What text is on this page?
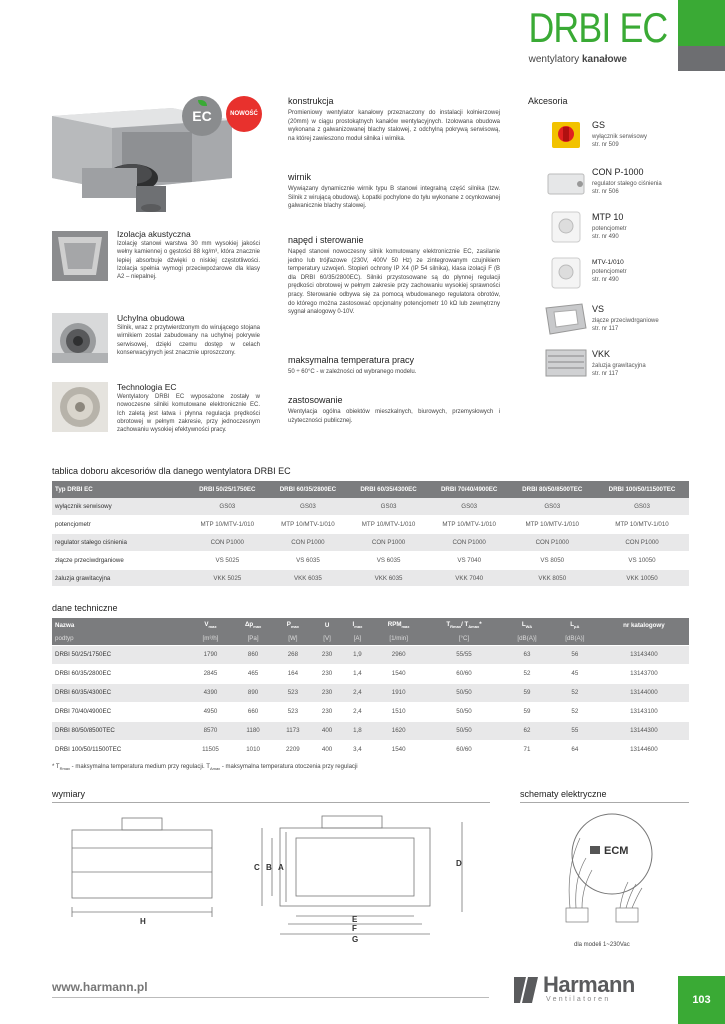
DRBI EC
wentylatory kanałowe
EC	NOWOŚĆ
Izolacja akustyczna
Izolację stanowi warstwa 30 mm wysokiej jakości wełny kamiennej o gęstości 88 kg/m³, która znacznie lepiej absorbuje dźwięki o niskiej częstotliwości. Izolacja spełnia wymogi przeciwpożarowe dla klasy A2 – niepalnej.
Uchylna obudowa
Silnik, wraz z przytwierdzonym do wirującego stojana wirnikiem został zabudowany na uchylnej pokrywie serwisowej, dzięki czemu dostęp w celach konserwacyjnych jest znacznie uproszczony.
Technologia EC
Wentylatory DRBI EC wyposażone zostały w nowoczesne silniki komutowane elektronicznie EC. Ich zaletą jest łatwa i płynna regulacja prędkości obrotowej w pełnym zakresie, przy jednoczesnym zachowaniu wysokiej efektywności pracy.
konstrukcja
Promieniowy wentylator kanałowy przeznaczony do instalacji kołnierzowej (20mm) w ciągu prostokątnych kanałów wentylacyjnych. Izolowana obudowa wykonana z galwanizowanej blachy stalowej, z odchylną pokrywą serwisową, na której zawieszono moduł silnika i wirnika.
wirnik
Wywiązany dynamicznie wirnik typu B stanowi integralną część silnika (tzw. Silnik z wirującą obudową). Łopatki pochylone do tyłu wykonane z ocynkowanej galwanicznie blachy stalowej.
napęd i sterowanie
Napęd stanowi nowoczesny silnik komutowany elektronicznie EC, zasilanie jedno lub trójfazowe (230V, 400V 50 Hz) ze zintegrowanym czujnikiem temperatury uzwojeń. Stopień ochrony IP X4 (IP 54 silnika), klasa izolacji F (B dla DRBI 60/35/2800EC). Silniki przystosowane są do płynnej regulacji prędkości obrotowej w pełnym zakresie przy zachowaniu wysokiej sprawności pracy. Sterowanie odbywa się za pomocą wbudowanego regulatora obrotów, do którego można zastosować opcjonalny potencjometr 10 kΩ lub zewnętrzny sygnał analogowy 0-10V.
maksymalna temperatura pracy
50 ÷ 60°C - w zależności od wybranego modelu.
zastosowanie
Wentylacja ogólna obiektów mieszkalnych, biurowych, przemysłowych i użyteczności publicznej.
Akcesoria
GS
wyłącznik serwisowy
str. nr 509
CON P-1000
regulator stałego ciśnienia
str. nr 506
MTP 10
potencjometr
str. nr 490
MTV-1/010
potencjometr
str. nr 490
VS
złącze przeciwdrganiowe
str. nr 117
VKK
żaluzja grawitacyjna
str. nr 117
tablica doboru akcesoriów dla danego wentylatora DRBI EC
Typ DRBI EC	DRBI 50/25/1750EC	DRBI 60/35/2800EC	DRBI 60/35/4300EC	DRBI 70/40/4900EC	DRBI 80/50/8500TEC	DRBI 100/50/11500TEC
wyłącznik serwisowy	GS03	GS03	GS03	GS03	GS03	GS03
potencjometr	MTP 10/MTV-1/010	MTP 10/MTV-1/010	MTP 10/MTV-1/010	MTP 10/MTV-1/010	MTP 10/MTV-1/010	MTP 10/MTV-1/010
regulator stałego ciśnienia	CON P1000	CON P1000	CON P1000	CON P1000	CON P1000	CON P1000
złącze przeciwdrganiowe	VS 5025	VS 6035	VS 6035	VS 7040	VS 8050	VS 10050
żaluzja grawitacyjna	VKK 5025	VKK 6035	VKK 6035	VKK 7040	VKK 8050	VKK 10050
dane techniczne
Nazwa	$V_{max}$	$\Delta p_{max}$	$P_{max}$	U	$I_{max}$	$RPM_{max}$	$T_{Rmax}/$ $T_{Amax}*$	$L_{WA}$	$L_{pA}$	nr katalogowy
podtyp	[m³/h]	[Pa]	[W]	[V]	[A]	[1/min]	[°C]	[dB(A)]	[dB(A)]	
DRBI 50/25/1750EC	1790	860	268	230	1,9	2960	55/55	63	56	13143400
DRBI 60/35/2800EC	2845	465	164	230	1,4	1540	60/60	52	45	13143700
DRBI 60/35/4300EC	4390	890	523	230	2,4	1910	50/50	59	52	13144000
DRBI 70/40/4900EC	4950	660	523	230	2,4	1510	50/50	59	52	13143100
DRBI 80/50/8500TEC	8570	1180	1173	400	1,8	1620	50/50	62	55	13144300
DRBI 100/50/11500TEC	11505	1010	2209	400	3,4	1540	60/60	71	64	13144600
* $T_{Rmax}$ - maksymalna temperatura medium przy regulacji. $T_{Amax}$ - maksymalna temperatura otoczenia przy regulacji
wymiary
H
C B A	D
E
F
G
schematy elektryczne
ECM
dla modeli 1~230Vac
www.harmann.pl	Harmann
Ventilatoren	103
